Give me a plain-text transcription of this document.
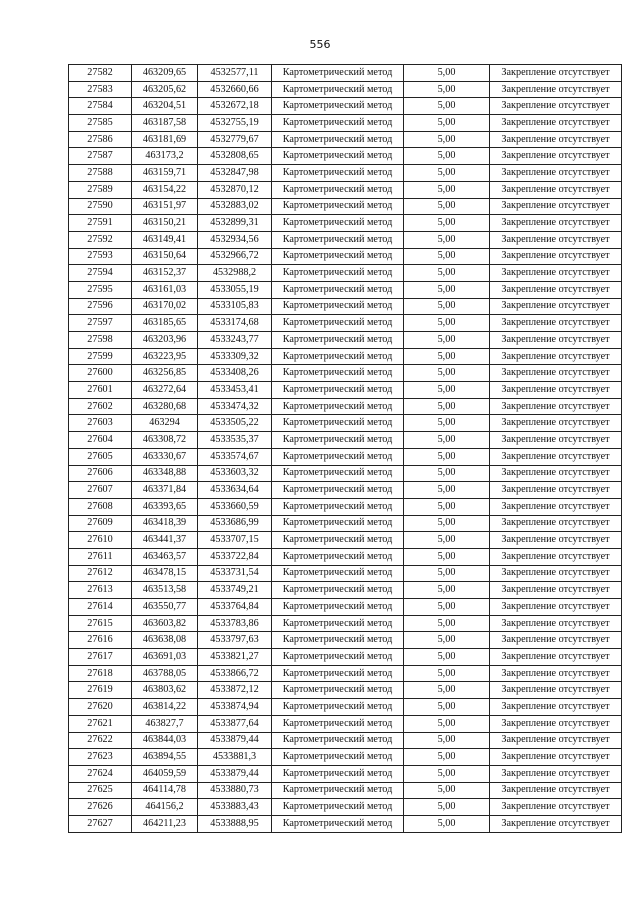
556
27582	463209,65	4532577,11	Картометрический метод	5,00	Закрепление отсутствует
27583	463205,62	4532660,66	Картометрический метод	5,00	Закрепление отсутствует
27584	463204,51	4532672,18	Картометрический метод	5,00	Закрепление отсутствует
27585	463187,58	4532755,19	Картометрический метод	5,00	Закрепление отсутствует
27586	463181,69	4532779,67	Картометрический метод	5,00	Закрепление отсутствует
27587	463173,2	4532808,65	Картометрический метод	5,00	Закрепление отсутствует
27588	463159,71	4532847,98	Картометрический метод	5,00	Закрепление отсутствует
27589	463154,22	4532870,12	Картометрический метод	5,00	Закрепление отсутствует
27590	463151,97	4532883,02	Картометрический метод	5,00	Закрепление отсутствует
27591	463150,21	4532899,31	Картометрический метод	5,00	Закрепление отсутствует
27592	463149,41	4532934,56	Картометрический метод	5,00	Закрепление отсутствует
27593	463150,64	4532966,72	Картометрический метод	5,00	Закрепление отсутствует
27594	463152,37	4532988,2	Картометрический метод	5,00	Закрепление отсутствует
27595	463161,03	4533055,19	Картометрический метод	5,00	Закрепление отсутствует
27596	463170,02	4533105,83	Картометрический метод	5,00	Закрепление отсутствует
27597	463185,65	4533174,68	Картометрический метод	5,00	Закрепление отсутствует
27598	463203,96	4533243,77	Картометрический метод	5,00	Закрепление отсутствует
27599	463223,95	4533309,32	Картометрический метод	5,00	Закрепление отсутствует
27600	463256,85	4533408,26	Картометрический метод	5,00	Закрепление отсутствует
27601	463272,64	4533453,41	Картометрический метод	5,00	Закрепление отсутствует
27602	463280,68	4533474,32	Картометрический метод	5,00	Закрепление отсутствует
27603	463294	4533505,22	Картометрический метод	5,00	Закрепление отсутствует
27604	463308,72	4533535,37	Картометрический метод	5,00	Закрепление отсутствует
27605	463330,67	4533574,67	Картометрический метод	5,00	Закрепление отсутствует
27606	463348,88	4533603,32	Картометрический метод	5,00	Закрепление отсутствует
27607	463371,84	4533634,64	Картометрический метод	5,00	Закрепление отсутствует
27608	463393,65	4533660,59	Картометрический метод	5,00	Закрепление отсутствует
27609	463418,39	4533686,99	Картометрический метод	5,00	Закрепление отсутствует
27610	463441,37	4533707,15	Картометрический метод	5,00	Закрепление отсутствует
27611	463463,57	4533722,84	Картометрический метод	5,00	Закрепление отсутствует
27612	463478,15	4533731,54	Картометрический метод	5,00	Закрепление отсутствует
27613	463513,58	4533749,21	Картометрический метод	5,00	Закрепление отсутствует
27614	463550,77	4533764,84	Картометрический метод	5,00	Закрепление отсутствует
27615	463603,82	4533783,86	Картометрический метод	5,00	Закрепление отсутствует
27616	463638,08	4533797,63	Картометрический метод	5,00	Закрепление отсутствует
27617	463691,03	4533821,27	Картометрический метод	5,00	Закрепление отсутствует
27618	463788,05	4533866,72	Картометрический метод	5,00	Закрепление отсутствует
27619	463803,62	4533872,12	Картометрический метод	5,00	Закрепление отсутствует
27620	463814,22	4533874,94	Картометрический метод	5,00	Закрепление отсутствует
27621	463827,7	4533877,64	Картометрический метод	5,00	Закрепление отсутствует
27622	463844,03	4533879,44	Картометрический метод	5,00	Закрепление отсутствует
27623	463894,55	4533881,3	Картометрический метод	5,00	Закрепление отсутствует
27624	464059,59	4533879,44	Картометрический метод	5,00	Закрепление отсутствует
27625	464114,78	4533880,73	Картометрический метод	5,00	Закрепление отсутствует
27626	464156,2	4533883,43	Картометрический метод	5,00	Закрепление отсутствует
27627	464211,23	4533888,95	Картометрический метод	5,00	Закрепление отсутствует
